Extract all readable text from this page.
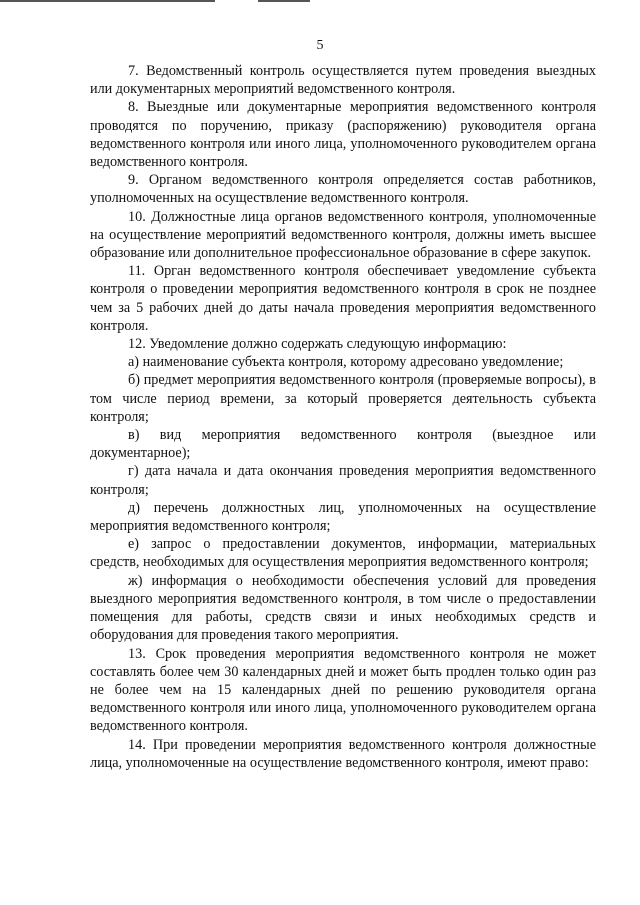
5

7. Ведомственный контроль осуществляется путем проведения выездных или документарных мероприятий ведомственного контроля.

8. Выездные или документарные мероприятия ведомственного контроля проводятся по поручению, приказу (распоряжению) руководителя органа ведомственного контроля или иного лица, уполномоченного руководителем органа ведомственного контроля.

9. Органом ведомственного контроля определяется состав работников, уполномоченных на осуществление ведомственного контроля.

10. Должностные лица органов ведомственного контроля, уполномоченные на осуществление мероприятий ведомственного контроля, должны иметь высшее образование или дополнительное профессиональное образование в сфере закупок.

11. Орган ведомственного контроля обеспечивает уведомление субъекта контроля о проведении мероприятия ведомственного контроля в срок не позднее чем за 5 рабочих дней до даты начала проведения мероприятия ведомственного контроля.

12. Уведомление должно содержать следующую информацию:

а) наименование субъекта контроля, которому адресовано уведомление;

б) предмет мероприятия ведомственного контроля (проверяемые вопросы), в том числе период времени, за который проверяется деятельность субъекта контроля;

в) вид мероприятия ведомственного контроля (выездное или документарное);

г) дата начала и дата окончания проведения мероприятия ведомственного контроля;

д) перечень должностных лиц, уполномоченных на осуществление мероприятия ведомственного контроля;

е) запрос о предоставлении документов, информации, материальных средств, необходимых для осуществления мероприятия ведомственного контроля;

ж) информация о необходимости обеспечения условий для проведения выездного мероприятия ведомственного контроля, в том числе о предоставлении помещения для работы, средств связи и иных необходимых средств и оборудования для проведения такого мероприятия.

13. Срок проведения мероприятия ведомственного контроля не может составлять более чем 30 календарных дней и может быть продлен только один раз не более чем на 15 календарных дней по решению руководителя органа ведомственного контроля или иного лица, уполномоченного руководителем органа ведомственного контроля.

14. При проведении мероприятия ведомственного контроля должностные лица, уполномоченные на осуществление ведомственного контроля, имеют право:
